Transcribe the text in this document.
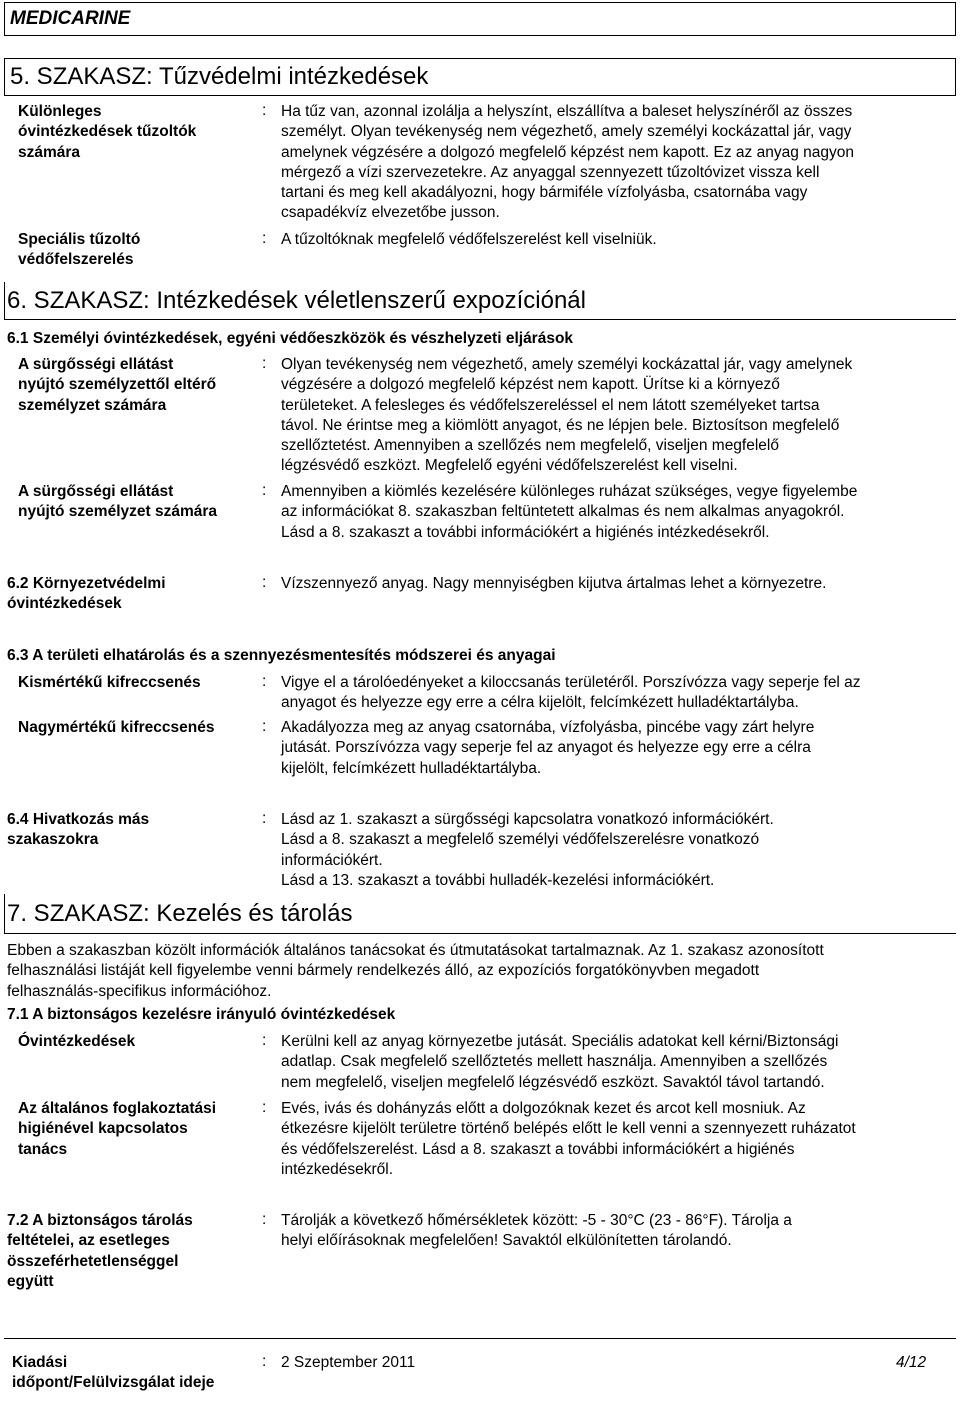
MEDICARINE
5. SZAKASZ: Tűzvédelmi intézkedések
Különleges
óvintézkedések tűzoltók
számára
: Ha tűz van, azonnal izolálja a helyszínt, elszállítva a baleset helyszínéről az összes
személyt. Olyan tevékenység nem végezhető, amely személyi kockázattal jár, vagy
amelynek végzésére a dolgozó megfelelő képzést nem kapott. Ez az anyag nagyon
mérgező a vízi szervezetekre. Az anyaggal szennyezett tűzoltóvizet vissza kell
tartani és meg kell akadályozni, hogy bármiféle vízfolyásba, csatornába vagy
csapadékvíz elvezetőbe jusson.
Speciális tűzoltó
védőfelszerelés
: A tűzoltóknak megfelelő védőfelszerelést kell viselniük.
6. SZAKASZ: Intézkedések véletlenszerű expozíciónál
6.1 Személyi óvintézkedések, egyéni védőeszközök és vészhelyzeti eljárások
A sürgősségi ellátást
nyújtó személyzettől eltérő
személyzet számára
: Olyan tevékenység nem végezhető, amely személyi kockázattal jár, vagy amelynek
végzésére a dolgozó megfelelő képzést nem kapott. Ürítse ki a környező
területeket. A felesleges és védőfelszereléssel el nem látott személyeket tartsa
távol. Ne érintse meg a kiömlött anyagot, és ne lépjen bele. Biztosítson megfelelő
szellőztetést. Amennyiben a szellőzés nem megfelelő, viseljen megfelelő
légzésvédő eszközt. Megfelelő egyéni védőfelszerelést kell viselni.
A sürgősségi ellátást
nyújtó személyzet számára
: Amennyiben a kiömlés kezelésére különleges ruházat szükséges, vegye figyelembe
az információkat 8. szakaszban feltüntetett alkalmas és nem alkalmas anyagokról.
Lásd a 8. szakaszt a további információkért a higiénés intézkedésekről.
6.2 Környezetvédelmi
óvintézkedések
: Vízszennyező anyag. Nagy mennyiségben kijutva ártalmas lehet a környezetre.
6.3 A területi elhatárolás és a szennyezésmentesítés módszerei és anyagai
Kismértékű kifreccsenés	: Vigye el a tárolóedényeket a kiloccsanás területéről. Porszívózza vagy seperje fel az
anyagot és helyezze egy erre a célra kijelölt, felcímkézett hulladéktartályba.
Nagymértékű kifreccsenés	: Akadályozza meg az anyag csatornába, vízfolyásba, pincébe vagy zárt helyre
jutását. Porszívózza vagy seperje fel az anyagot és helyezze egy erre a célra
kijelölt, felcímkézett hulladéktartályba.
6.4 Hivatkozás más
szakaszokra
: Lásd az 1. szakaszt a sürgősségi kapcsolatra vonatkozó információkért.
Lásd a 8. szakaszt a megfelelő személyi védőfelszerelésre vonatkozó
információkért.
Lásd a 13. szakaszt a további hulladék-kezelési információkért.
7. SZAKASZ: Kezelés és tárolás
Ebben a szakaszban közölt információk általános tanácsokat és útmutatásokat tartalmaznak. Az 1. szakasz azonosított
felhasználási listáját kell figyelembe venni bármely rendelkezés álló, az expozíciós forgatókönyvben megadott
felhasználás-specifikus információhoz.
7.1 A biztonságos kezelésre irányuló óvintézkedések
Óvintézkedések	: Kerülni kell az anyag környezetbe jutását. Speciális adatokat kell kérni/Biztonsági
adatlap. Csak megfelelő szellőztetés mellett használja. Amennyiben a szellőzés
nem megfelelő, viseljen megfelelő légzésvédő eszközt. Savaktól távol tartandó.
Az általános foglakoztatási
higiénével kapcsolatos
tanács
: Evés, ivás és dohányzás előtt a dolgozóknak kezet és arcot kell mosniuk. Az
étkezésre kijelölt területre történő belépés előtt le kell venni a szennyezett ruházatot
és védőfelszerelést. Lásd a 8. szakaszt a további információkért a higiénés
intézkedésekről.
7.2 A biztonságos tárolás
feltételei, az esetleges
összeférhetetlenséggel
együtt
: Tárolják a következő hőmérsékletek között: -5 - 30°C (23 - 86°F). Tárolja a
helyi előírásoknak megfelelően! Savaktól elkülönítetten tárolandó.
Kiadási
időpont/Felülvizsgálat ideje
: 2 Szeptember 2011	4/12
